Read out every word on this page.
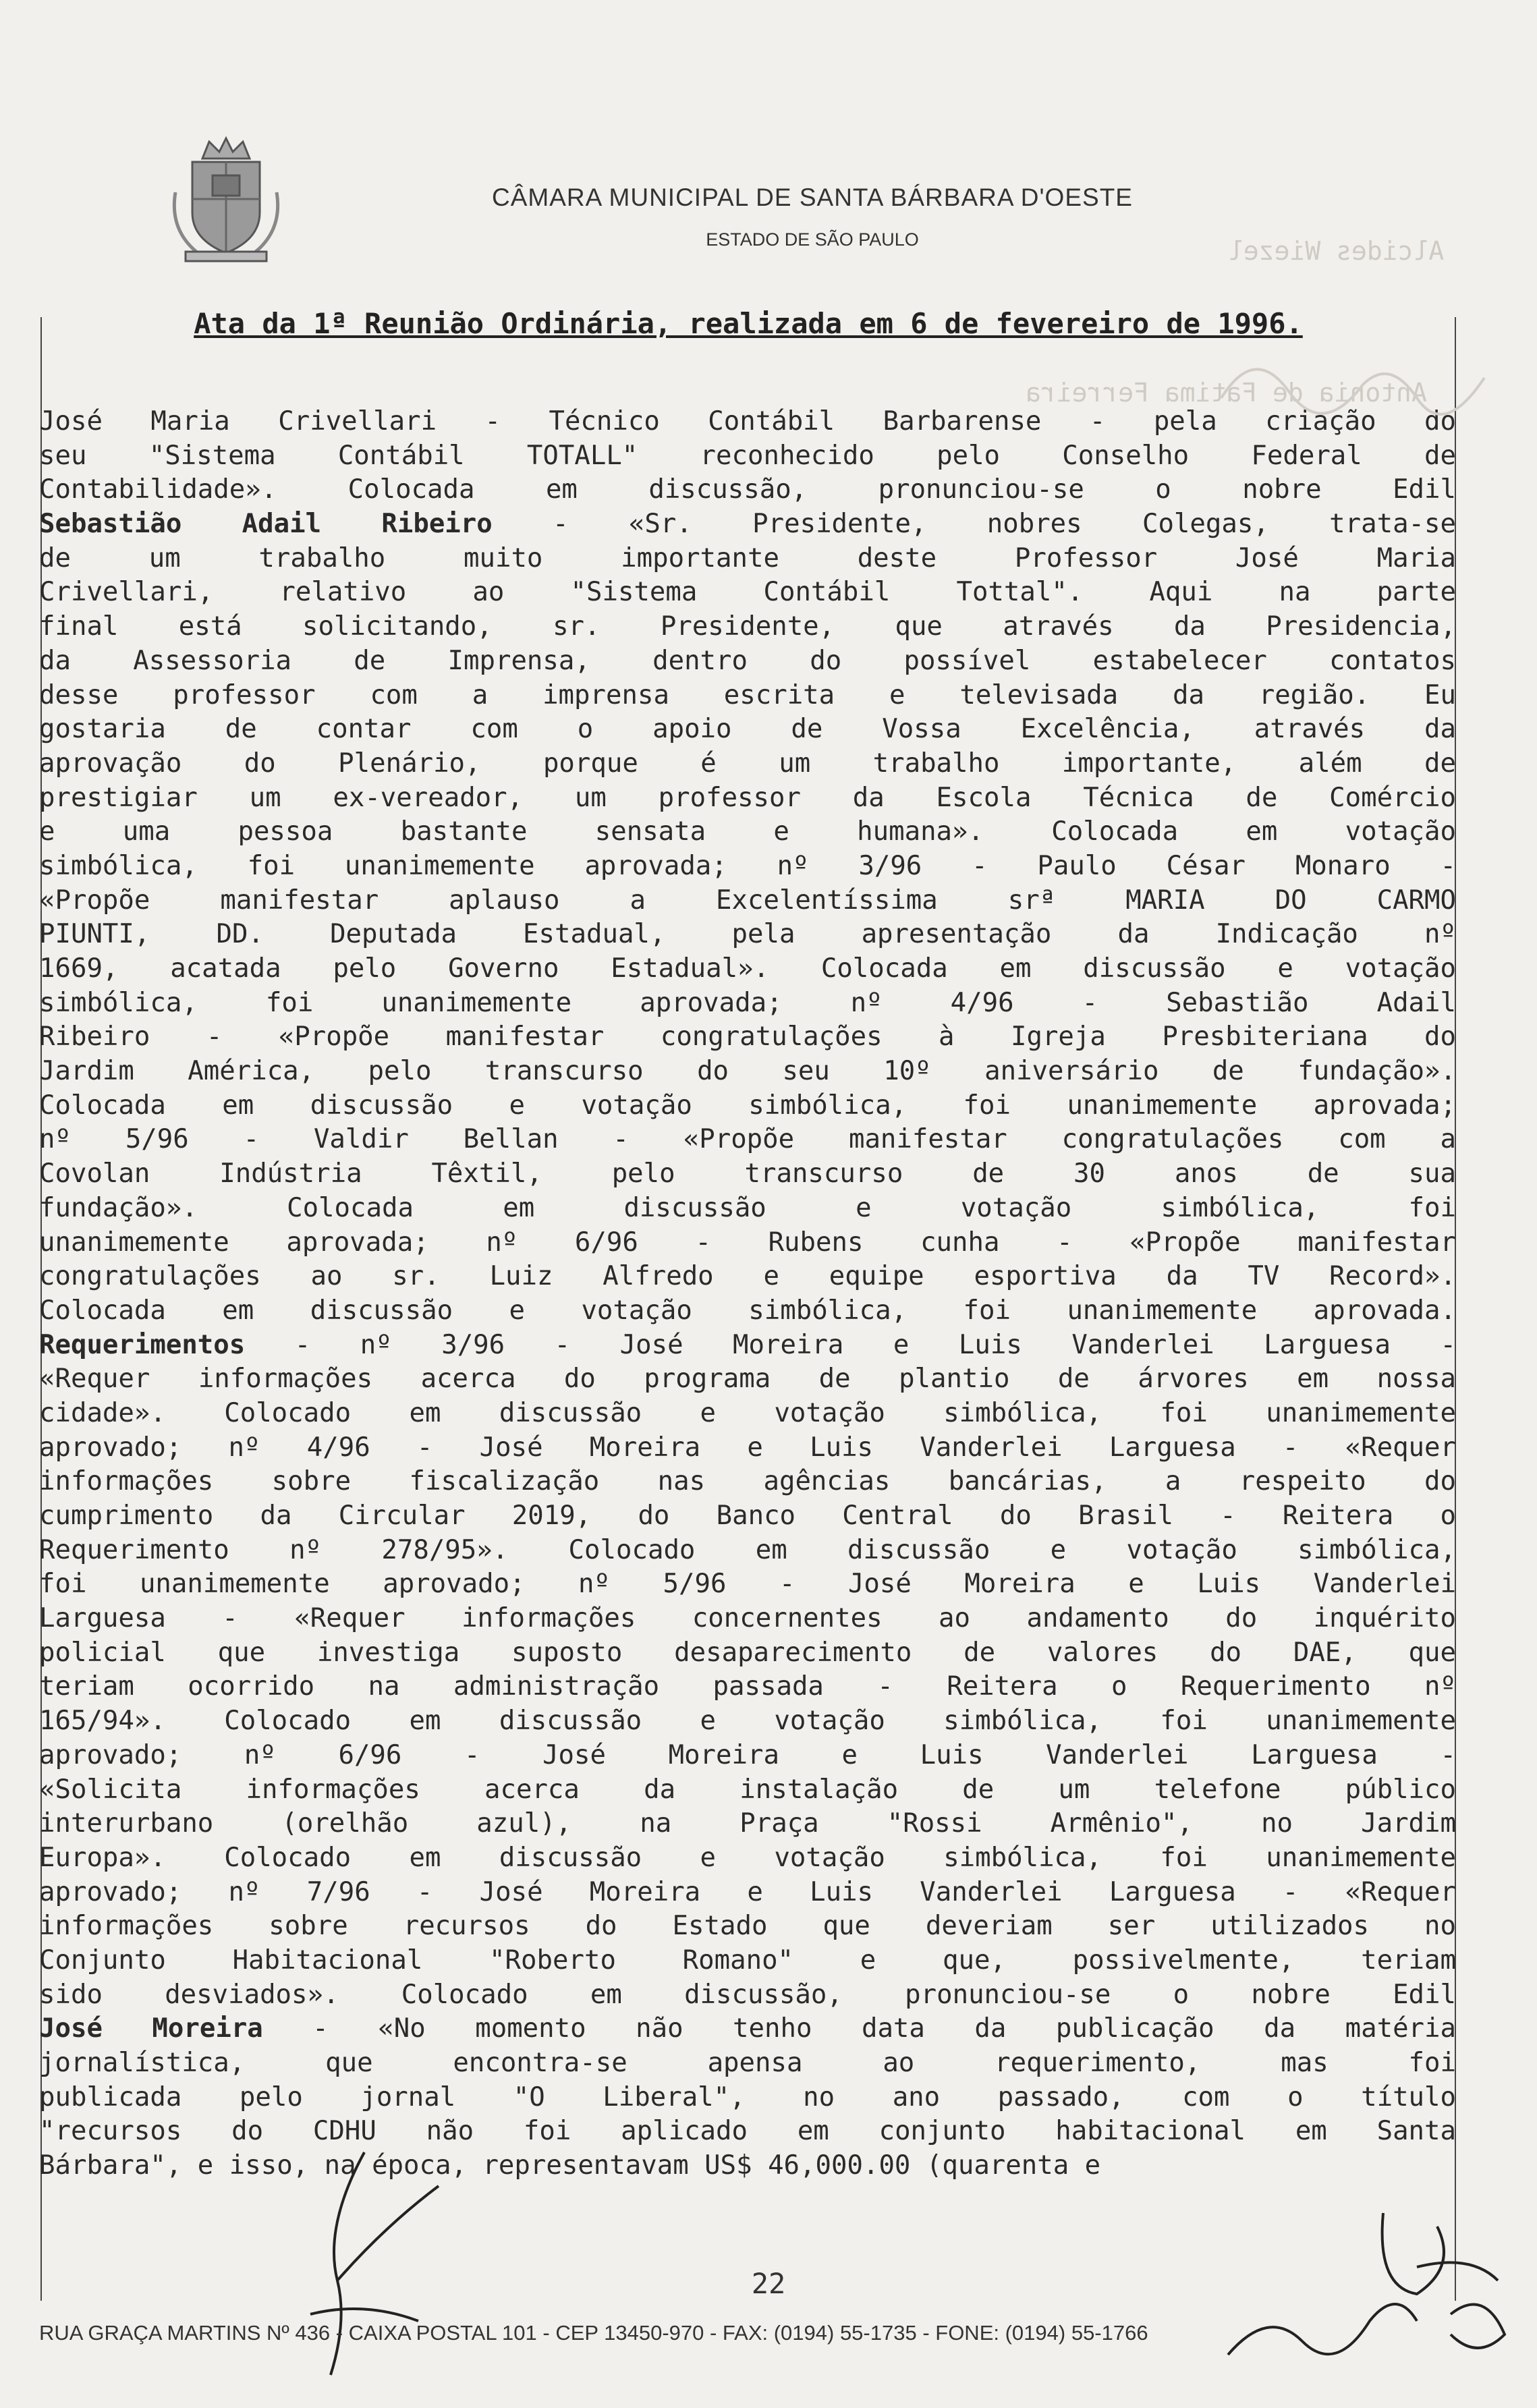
CÂMARA MUNICIPAL DE SANTA BÁRBARA D'OESTE
ESTADO DE SÃO PAULO
Ata da 1ª Reunião Ordinária, realizada em 6 de fevereiro de 1996.
Alcides Wiezel
Antonia de Fatima Ferreira
José Maria Crivellari - Técnico Contábil Barbarense - pela criação do
seu "Sistema Contábil TOTALL" reconhecido pelo Conselho Federal de
Contabilidade». Colocada em discussão, pronunciou-se o nobre Edil
Sebastião Adail Ribeiro - «Sr. Presidente, nobres Colegas, trata-se
de um trabalho muito importante deste Professor José Maria
Crivellari, relativo ao "Sistema Contábil Tottal". Aqui na parte
final está solicitando, sr. Presidente, que através da Presidencia,
da Assessoria de Imprensa, dentro do possível estabelecer contatos
desse professor com a imprensa escrita e televisada da região. Eu
gostaria de contar com o apoio de Vossa Excelência, através da
aprovação do Plenário, porque é um trabalho importante, além de
prestigiar um ex-vereador, um professor da Escola Técnica de Comércio
e uma pessoa bastante sensata e humana». Colocada em votação
simbólica, foi unanimemente aprovada; nº 3/96 - Paulo César Monaro -
«Propõe manifestar aplauso a Excelentíssima srª MARIA DO CARMO
PIUNTI, DD. Deputada Estadual, pela apresentação da Indicação nº
1669, acatada pelo Governo Estadual». Colocada em discussão e votação
simbólica, foi unanimemente aprovada; nº 4/96 - Sebastião Adail
Ribeiro - «Propõe manifestar congratulações à Igreja Presbiteriana do
Jardim América, pelo transcurso do seu 10º aniversário de fundação».
Colocada em discussão e votação simbólica, foi unanimemente aprovada;
nº 5/96 - Valdir Bellan - «Propõe manifestar congratulações com a
Covolan Indústria Têxtil, pelo transcurso de 30 anos de sua
fundação». Colocada em discussão e votação simbólica, foi
unanimemente aprovada; nº 6/96 - Rubens cunha - «Propõe manifestar
congratulações ao sr. Luiz Alfredo e equipe esportiva da TV Record».
Colocada em discussão e votação simbólica, foi unanimemente aprovada.
Requerimentos - nº 3/96 - José Moreira e Luis Vanderlei Larguesa -
«Requer informações acerca do programa de plantio de árvores em nossa
cidade». Colocado em discussão e votação simbólica, foi unanimemente
aprovado; nº 4/96 - José Moreira e Luis Vanderlei Larguesa - «Requer
informações sobre fiscalização nas agências bancárias, a respeito do
cumprimento da Circular 2019, do Banco Central do Brasil - Reitera o
Requerimento nº 278/95». Colocado em discussão e votação simbólica,
foi unanimemente aprovado; nº 5/96 - José Moreira e Luis Vanderlei
Larguesa - «Requer informações concernentes ao andamento do inquérito
policial que investiga suposto desaparecimento de valores do DAE, que
teriam ocorrido na administração passada - Reitera o Requerimento nº
165/94». Colocado em discussão e votação simbólica, foi unanimemente
aprovado; nº 6/96 - José Moreira e Luis Vanderlei Larguesa -
«Solicita informações acerca da instalação de um telefone público
interurbano (orelhão azul), na Praça "Rossi Armênio", no Jardim
Europa». Colocado em discussão e votação simbólica, foi unanimemente
aprovado; nº 7/96 - José Moreira e Luis Vanderlei Larguesa - «Requer
informações sobre recursos do Estado que deveriam ser utilizados no
Conjunto Habitacional "Roberto Romano" e que, possivelmente, teriam
sido desviados». Colocado em discussão, pronunciou-se o nobre Edil
José Moreira - «No momento não tenho data da publicação da matéria
jornalística, que encontra-se apensa ao requerimento, mas foi
publicada pelo jornal "O Liberal", no ano passado, com o título
"recursos do CDHU não foi aplicado em conjunto habitacional em Santa
Bárbara", e isso, na época, representavam US$ 46,000.00 (quarenta e
22
RUA GRAÇA MARTINS Nº 436 - CAIXA POSTAL 101 - CEP 13450-970 - FAX: (0194) 55-1735 - FONE: (0194) 55-1766
